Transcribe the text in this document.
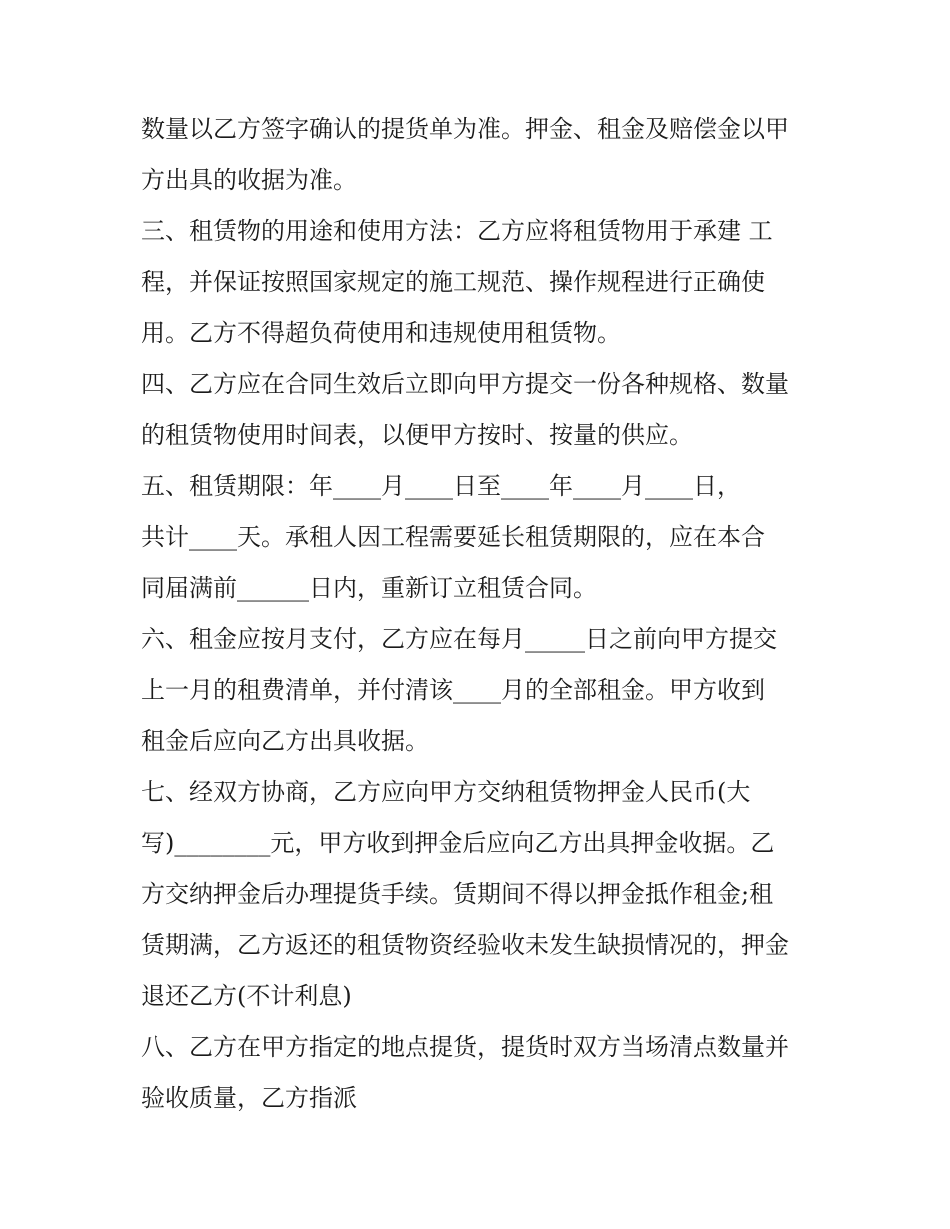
数量以乙方签字确认的提货单为准。押金、租金及赔偿金以甲
方出具的收据为准。
三、租赁物的用途和使用方法：乙方应将租赁物用于承建 工
程，并保证按照国家规定的施工规范、操作规程进行正确使
用。乙方不得超负荷使用和违规使用租赁物。
四、乙方应在合同生效后立即向甲方提交一份各种规格、数量
的租赁物使用时间表，以便甲方按时、按量的供应。
五、租赁期限：年____月____日至____年____月____日，
共计____天。承租人因工程需要延长租赁期限的，应在本合
同届满前______日内，重新订立租赁合同。
六、租金应按月支付，乙方应在每月_____日之前向甲方提交
上一月的租费清单，并付清该____月的全部租金。甲方收到
租金后应向乙方出具收据。
七、经双方协商，乙方应向甲方交纳租赁物押金人民币(大
写)________元，甲方收到押金后应向乙方出具押金收据。乙
方交纳押金后办理提货手续。赁期间不得以押金抵作租金;租
赁期满，乙方返还的租赁物资经验收未发生缺损情况的，押金
退还乙方(不计利息)
八、乙方在甲方指定的地点提货，提货时双方当场清点数量并
验收质量，乙方指派
